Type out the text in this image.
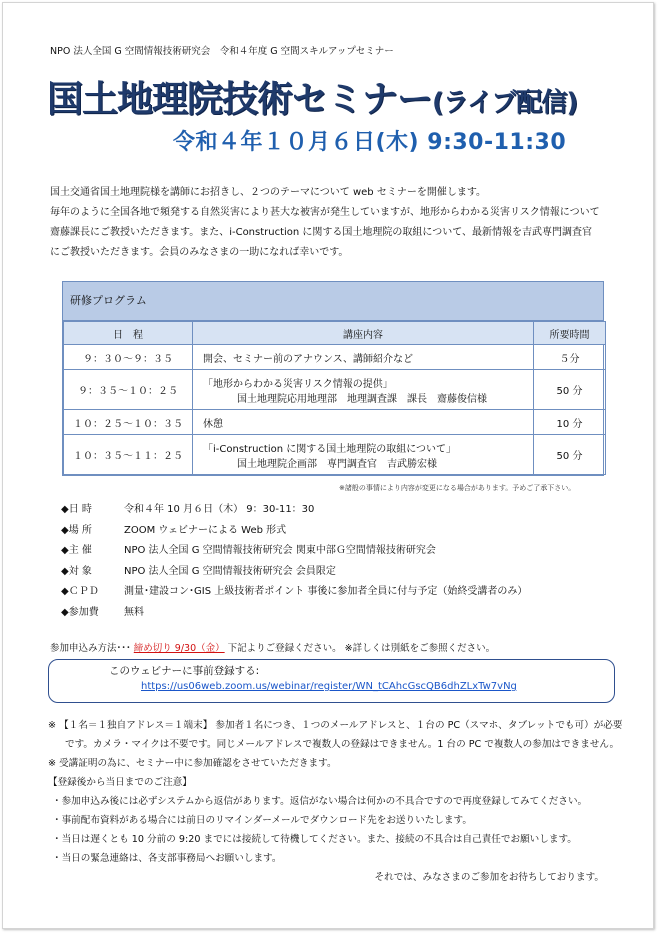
NPO 法人全国 G 空間情報技術研究会　令和４年度 G 空間スキルアップセミナー
国土地理院技術セミナー(ライブ配信)
令和４年１０月６日(木) 9:30-11:30
国土交通省国土地理院様を講師にお招きし、２つのテーマについて web セミナーを開催します。
毎年のように全国各地で頻発する自然災害により甚大な被害が発生していますが、地形からわかる災害リスク情報について
齋藤課長にご教授いただきます。また、i-Construction に関する国土地理院の取組について、最新情報を吉武専門調査官
にご教授いただきます。会員のみなさまの一助になれば幸いです。
研修プログラム
日　程	講座内容	所要時間
９：３０～９：３５	開会、セミナー前のアナウンス、講師紹介など	５分
９：３５～１０：２５	「地形からわかる災害リスク情報の提供」
国土地理院応用地理部　地理調査課　課長　齋藤俊信様	50 分
１０：２５～１０：３５	休憩	10 分
１０：３５～１１：２５	「i-Construction に関する国土地理院の取組について」
国土地理院企画部　専門調査官　吉武勝宏様	50 分
※諸般の事情により内容が変更になる場合があります。予めご了承下さい。
◆日 時	令和４年 10 月６日（木） 9：30-11：30
◆場 所	ZOOM ウェビナーによる Web 形式
◆主 催	NPO 法人全国 G 空間情報技術研究会 関東中部Ｇ空間情報技術研究会
◆対 象	NPO 法人全国 G 空間情報技術研究会 会員限定
◆ＣＰＤ	測量･建設コン･GIS 上級技術者ポイント 事後に参加者全員に付与予定（始終受講者のみ）
◆参加費	無料
参加申込み方法･･･ 締め切り 9/30（金） 下記よりご登録ください。 ※詳しくは別紙をご参照ください。
このウェビナーに事前登録する:
https://us06web.zoom.us/webinar/register/WN_tCAhcGscQB6dhZLxTw7vNg
※ 【１名＝１独自アドレス＝１端末】 参加者１名につき、１つのメールアドレスと、１台の PC（スマホ、タブレットでも可）が必要
です。カメラ・マイクは不要です。同じメールアドレスで複数人の登録はできません。1 台の PC で複数人の参加はできません。
※ 受講証明の為に、セミナー中に参加確認をさせていただきます。
【登録後から当日までのご注意】
・参加申込み後には必ずシステムから返信があります。返信がない場合は何かの不具合ですので再度登録してみてください。
・事前配布資料がある場合には前日のリマインダーメールでダウンロード先をお送りいたします。
・当日は遅くとも 10 分前の 9:20 までには接続して待機してください。また、接続の不具合は自己責任でお願いします。
・当日の緊急連絡は、各支部事務局へお願いします。
それでは、みなさまのご参加をお待ちしております。
